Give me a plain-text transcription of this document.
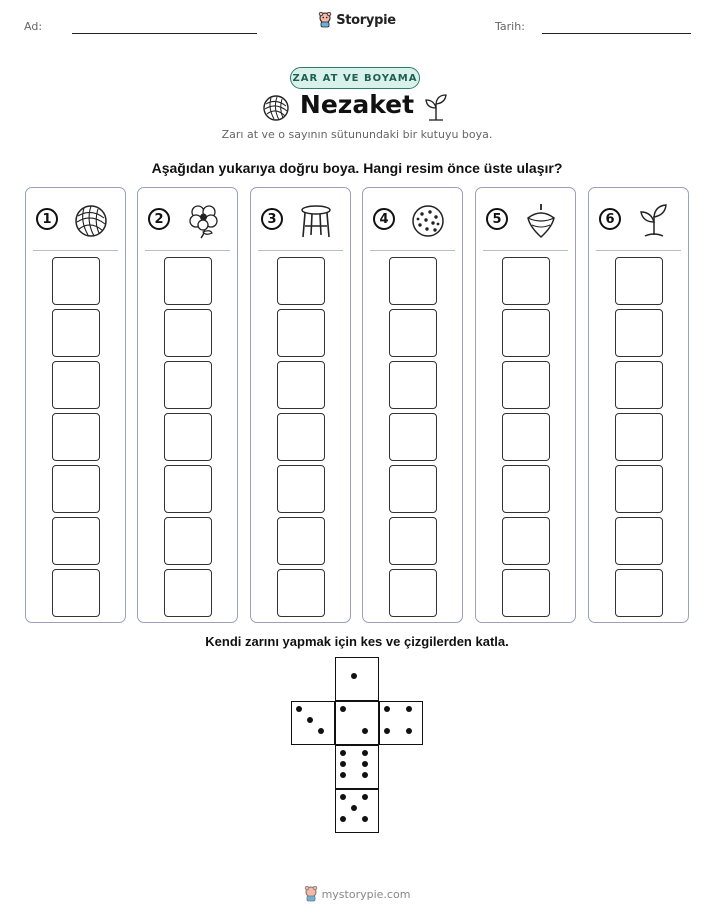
Ad:	Storypie	Tarih:
ZAR AT VE BOYAMA
Nezaket
Zarı at ve o sayının sütunundaki bir kutuyu boya.
Aşağıdan yukarıya doğru boya. Hangi resim önce üste ulaşır?
1	2	3	4	5	6
Kendi zarını yapmak için kes ve çizgilerden katla.
mystorypie.com
